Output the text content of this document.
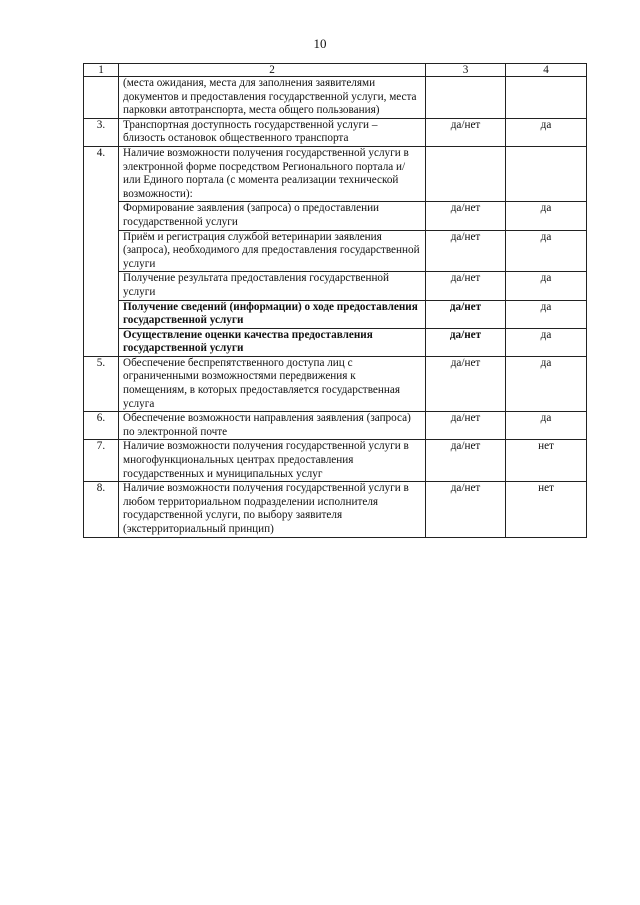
10
1	2	3	4
	(места ожидания, места для заполнения заявителями документов и предоставления государственной услуги, места парковки автотранспорта, места общего пользования)		
3.	Транспортная доступность государственной услуги – близость остановок общественного транспорта	да/нет	да
4.	Наличие возможности получения государственной услуги в электронной форме посредством Регионального портала и/или Единого портала (с момента реализации технической возможности):		
	Формирование заявления (запроса) о предоставлении государственной услуги	да/нет	да
	Приём и регистрация службой ветеринарии заявления (запроса), необходимого для предоставления государственной услуги	да/нет	да
	Получение результата предоставления государственной услуги	да/нет	да
	Получение сведений (информации) о ходе предоставления государственной услуги	да/нет	да
	Осуществление оценки качества предоставления государственной услуги	да/нет	да
5.	Обеспечение беспрепятственного доступа лиц с ограниченными возможностями передвижения к помещениям, в которых предоставляется государственная услуга	да/нет	да
6.	Обеспечение возможности направления заявления (запроса) по электронной почте	да/нет	да
7.	Наличие возможности получения государственной услуги в многофункциональных центрах предоставления государственных и муниципальных услуг	да/нет	нет
8.	Наличие возможности получения государственной услуги в любом территориальном подразделении исполнителя государственной услуги, по выбору заявителя (экстерриториальный принцип)	да/нет	нет
